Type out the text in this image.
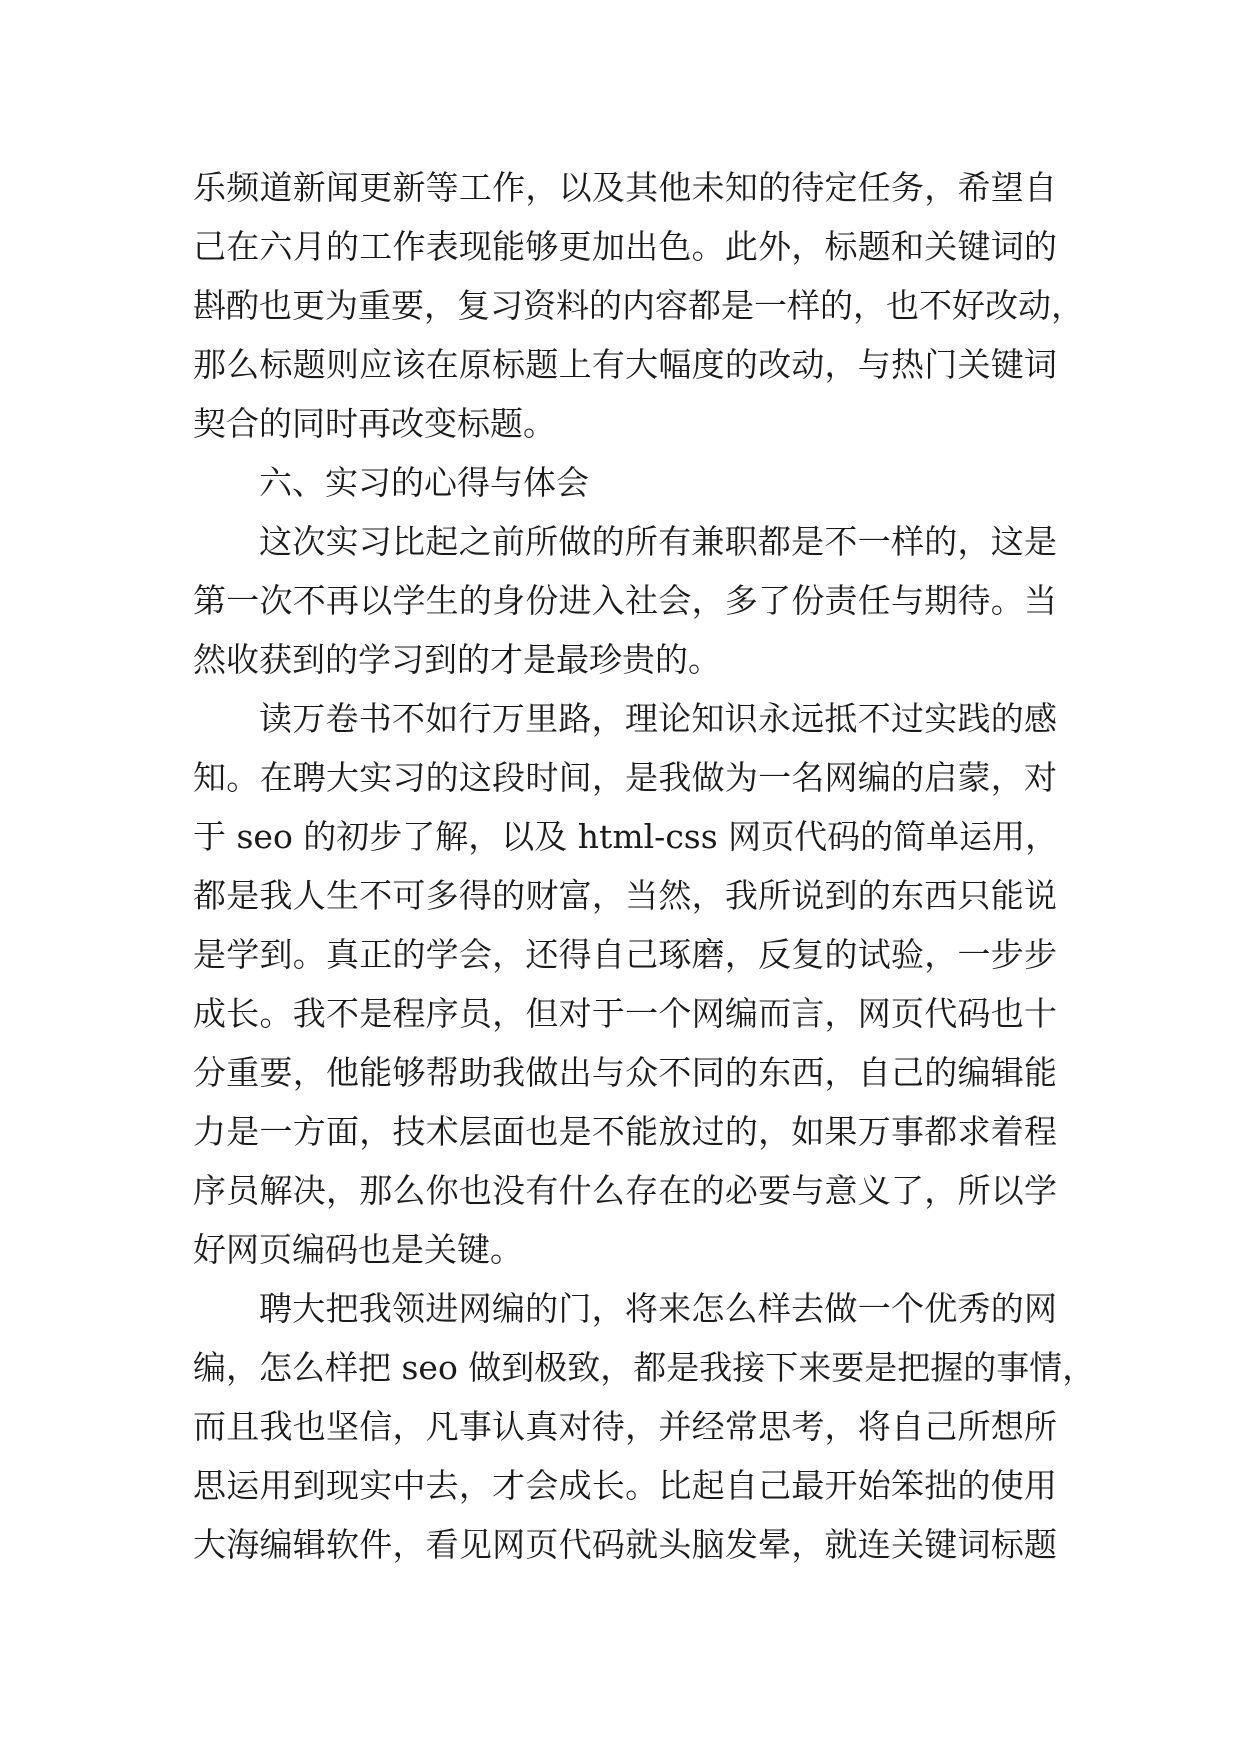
乐频道新闻更新等工作，以及其他未知的待定任务，希望自
己在六月的工作表现能够更加出色。此外，标题和关键词的
斟酌也更为重要，复习资料的内容都是一样的，也不好改动，
那么标题则应该在原标题上有大幅度的改动，与热门关键词
契合的同时再改变标题。
六、实习的心得与体会
这次实习比起之前所做的所有兼职都是不一样的，这是
第一次不再以学生的身份进入社会，多了份责任与期待。当
然收获到的学习到的才是最珍贵的。
读万卷书不如行万里路，理论知识永远抵不过实践的感
知。在聘大实习的这段时间，是我做为一名网编的启蒙，对
于 seo 的初步了解，以及 html-css 网页代码的简单运用，
都是我人生不可多得的财富，当然，我所说到的东西只能说
是学到。真正的学会，还得自己琢磨，反复的试验，一步步
成长。我不是程序员，但对于一个网编而言，网页代码也十
分重要，他能够帮助我做出与众不同的东西，自己的编辑能
力是一方面，技术层面也是不能放过的，如果万事都求着程
序员解决，那么你也没有什么存在的必要与意义了，所以学
好网页编码也是关键。
聘大把我领进网编的门，将来怎么样去做一个优秀的网
编，怎么样把 seo 做到极致，都是我接下来要是把握的事情，
而且我也坚信，凡事认真对待，并经常思考，将自己所想所
思运用到现实中去，才会成长。比起自己最开始笨拙的使用
大海编辑软件，看见网页代码就头脑发晕，就连关键词标题
